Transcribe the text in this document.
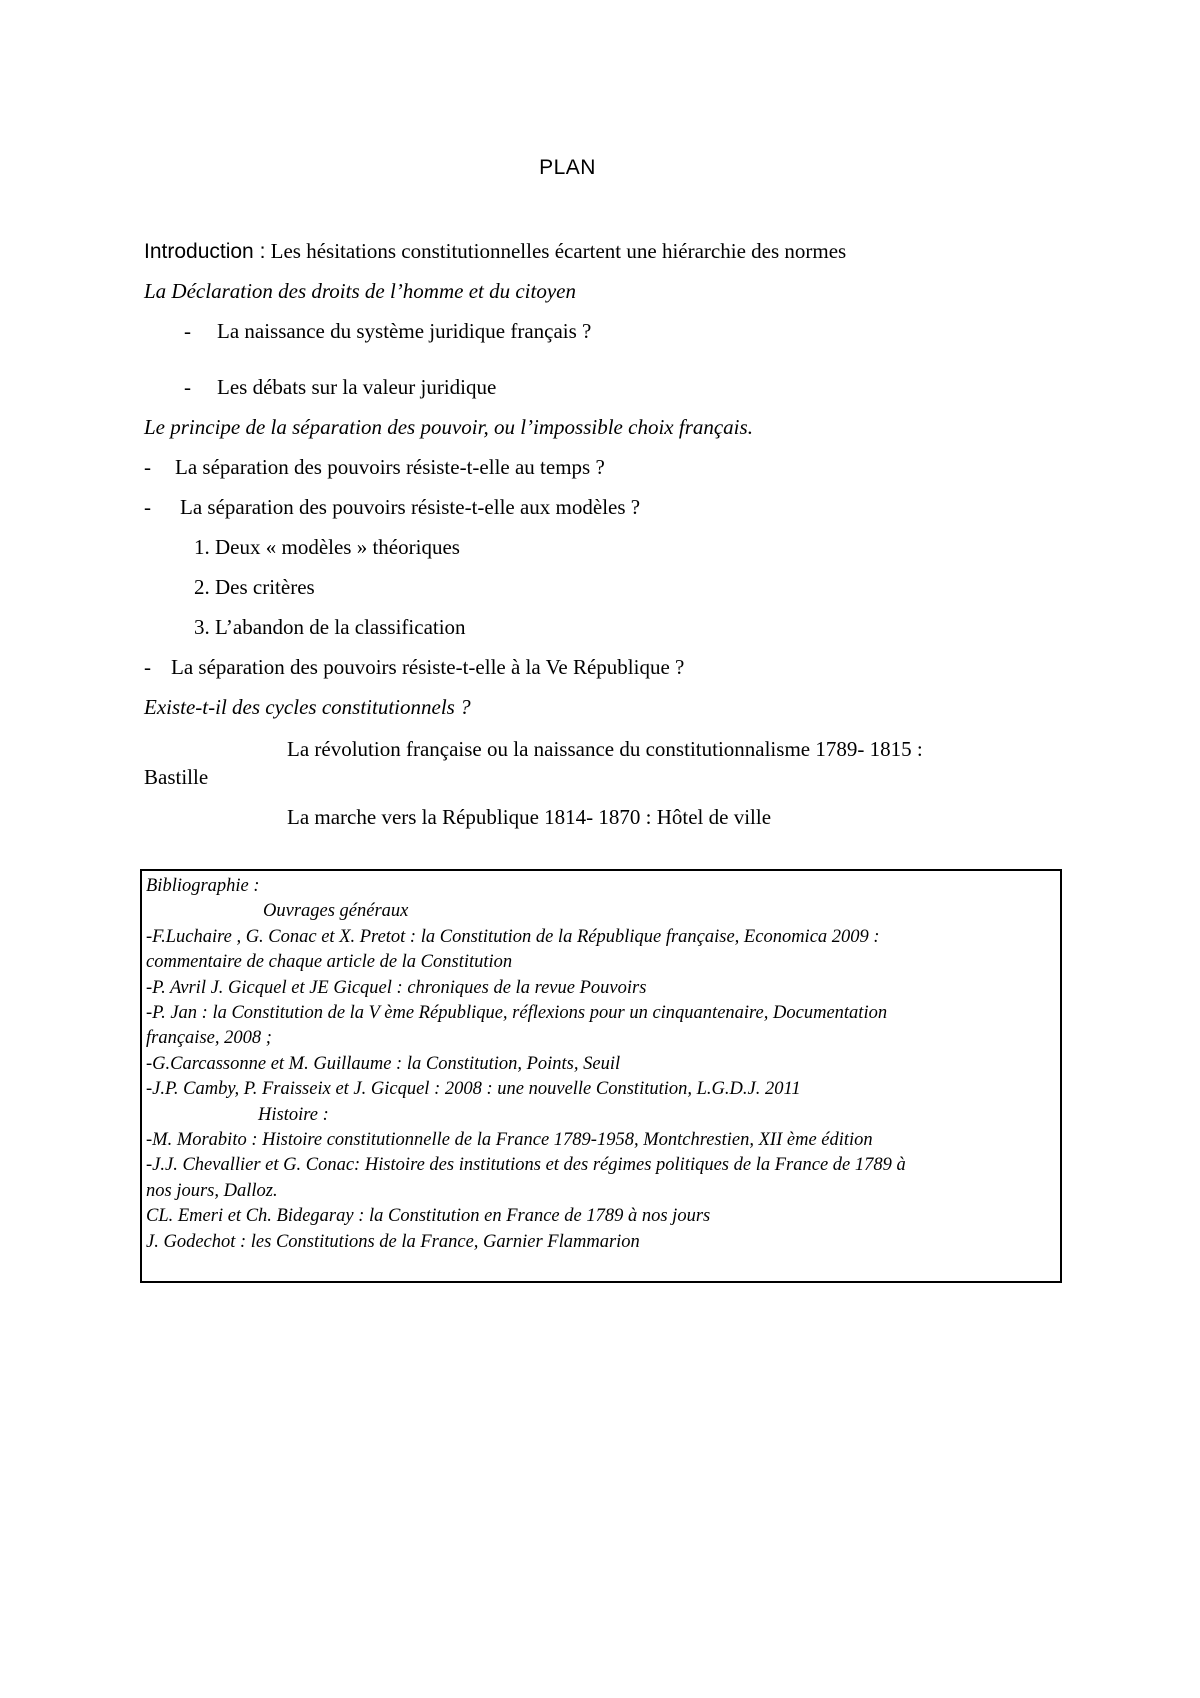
PLAN
Introduction : Les hésitations constitutionnelles écartent une hiérarchie des normes
La Déclaration des droits de l’homme et du citoyen
- La naissance du système juridique français ?
- Les débats sur la valeur juridique
Le principe de la séparation des pouvoir, ou l’impossible choix français.
- La séparation des pouvoirs résiste-t-elle au temps ?
- La séparation des pouvoirs résiste-t-elle aux modèles ?
1. Deux « modèles » théoriques
2. Des critères
3. L’abandon de la classification
- La séparation des pouvoirs résiste-t-elle à la Ve République ?
Existe-t-il des cycles constitutionnels ?
La révolution française ou la naissance du constitutionnalisme 1789- 1815 :
Bastille
La marche vers la République 1814- 1870 : Hôtel de ville
Bibliographie :
Ouvrages généraux
-F.Luchaire , G. Conac et X. Pretot : la Constitution de la République française, Economica 2009 :
commentaire de chaque article de la Constitution
-P. Avril J. Gicquel et JE Gicquel : chroniques de la revue Pouvoirs
-P. Jan : la Constitution de la V ème République, réflexions pour un cinquantenaire, Documentation
française, 2008 ;
-G.Carcassonne et M. Guillaume : la Constitution, Points, Seuil
-J.P. Camby, P. Fraisseix et J. Gicquel : 2008 : une nouvelle Constitution, L.G.D.J. 2011
Histoire :
-M. Morabito : Histoire constitutionnelle de la France 1789-1958, Montchrestien, XII ème édition
-J.J. Chevallier et G. Conac: Histoire des institutions et des régimes politiques de la France de 1789 à
nos jours, Dalloz.
CL. Emeri et Ch. Bidegaray : la Constitution en France de 1789 à nos jours
J. Godechot : les Constitutions de la France, Garnier Flammarion
